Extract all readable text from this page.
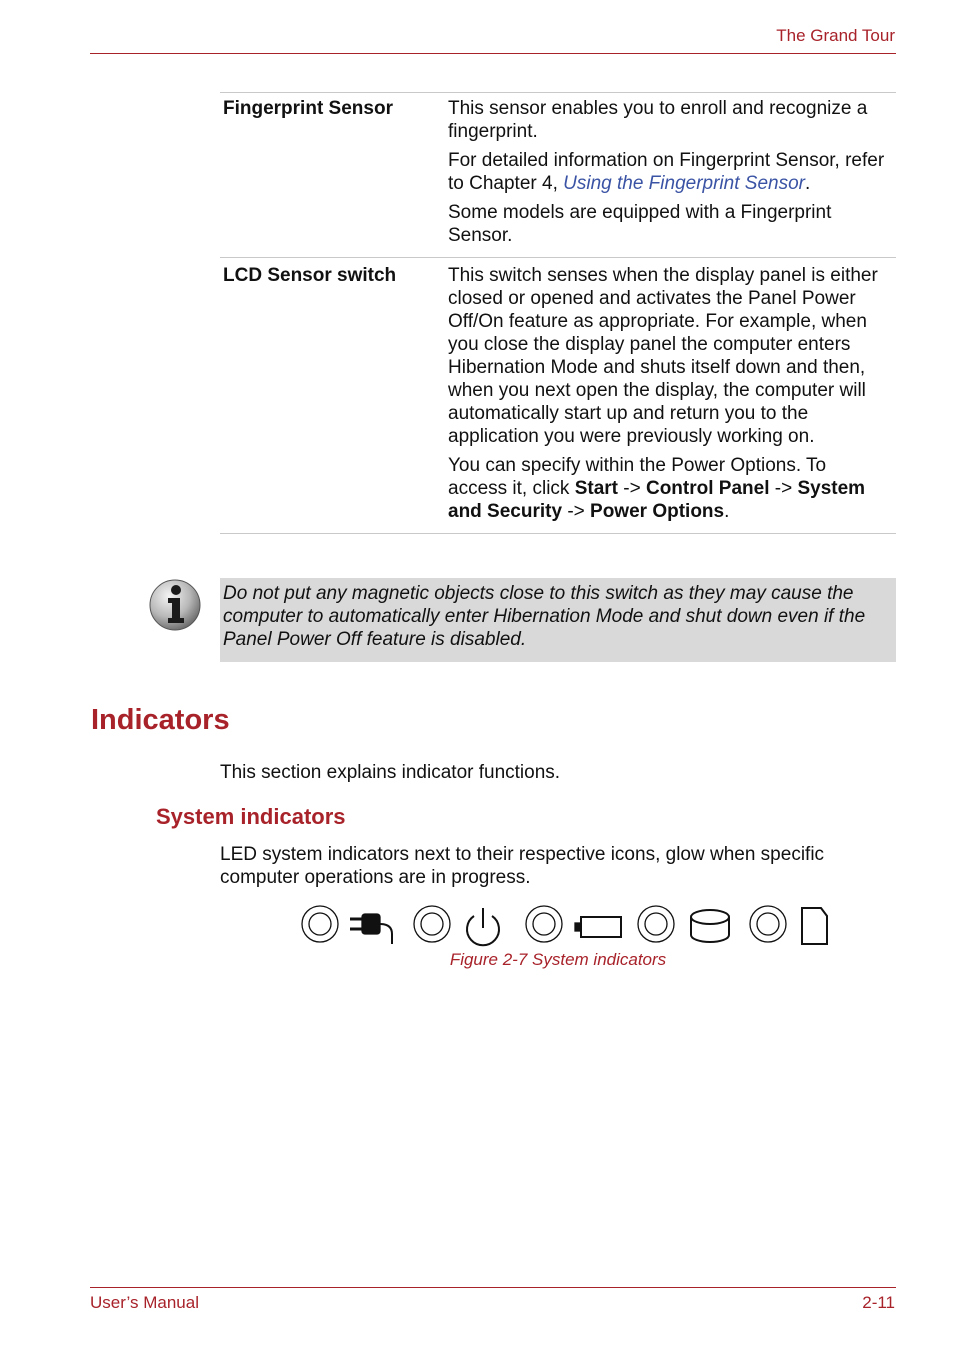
The Grand Tour
Fingerprint Sensor	This sensor enables you to enroll and recognize a fingerprint.

For detailed information on Fingerprint Sensor, refer to Chapter 4, Using the Fingerprint Sensor.

Some models are equipped with a Fingerprint Sensor.

LCD Sensor switch	This switch senses when the display panel is either closed or opened and activates the Panel Power Off/On feature as appropriate. For example, when you close the display panel the computer enters Hibernation Mode and shuts itself down and then, when you next open the display, the computer will automatically start up and return you to the application you were previously working on.

You can specify within the Power Options. To access it, click Start -> Control Panel -> System and Security -> Power Options.

Do not put any magnetic objects close to this switch as they may cause the computer to automatically enter Hibernation Mode and shut down even if the Panel Power Off feature is disabled.
Indicators

This section explains indicator functions.

System indicators

LED system indicators next to their respective icons, glow when specific computer operations are in progress.

Figure 2-7 System indicators
User’s Manual	2-11
